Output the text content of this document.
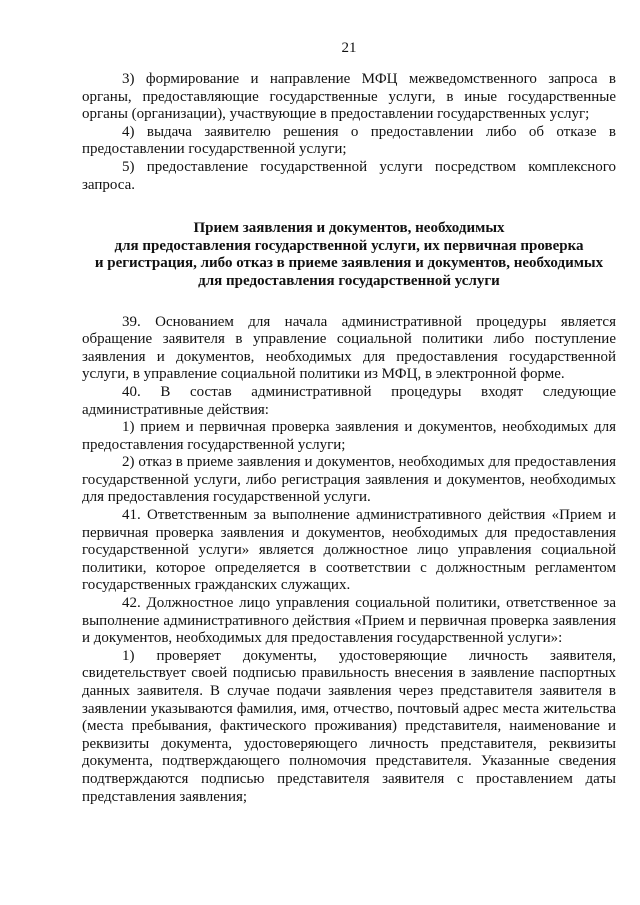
21

3) формирование и направление МФЦ межведомственного запроса в органы, предоставляющие государственные услуги, в иные государственные органы (организации), участвующие в предоставлении государственных услуг;

4) выдача заявителю решения о предоставлении либо об отказе в предоставлении государственной услуги;

5) предоставление государственной услуги посредством комплексного запроса.

Прием заявления и документов, необходимых
для предоставления государственной услуги, их первичная проверка
и регистрация, либо отказ в приеме заявления и документов, необходимых
для предоставления государственной услуги

39. Основанием для начала административной процедуры является обращение заявителя в управление социальной политики либо поступление заявления и документов, необходимых для предоставления государственной услуги, в управление социальной политики из МФЦ, в электронной форме.

40. В состав административной процедуры входят следующие административные действия:

1) прием и первичная проверка заявления и документов, необходимых для предоставления государственной услуги;

2) отказ в приеме заявления и документов, необходимых для предоставления государственной услуги, либо регистрация заявления и документов, необходимых для предоставления государственной услуги.

41. Ответственным за выполнение административного действия «Прием и первичная проверка заявления и документов, необходимых для предоставления государственной услуги» является должностное лицо управления социальной политики, которое определяется в соответствии с должностным регламентом государственных гражданских служащих.

42. Должностное лицо управления социальной политики, ответственное за выполнение административного действия «Прием и первичная проверка заявления и документов, необходимых для предоставления государственной услуги»:

1) проверяет документы, удостоверяющие личность заявителя, свидетельствует своей подписью правильность внесения в заявление паспортных данных заявителя. В случае подачи заявления через представителя заявителя в заявлении указываются фамилия, имя, отчество, почтовый адрес места жительства (места пребывания, фактического проживания) представителя, наименование и реквизиты документа, удостоверяющего личность представителя, реквизиты документа, подтверждающего полномочия представителя. Указанные сведения подтверждаются подписью представителя заявителя с проставлением даты представления заявления;
